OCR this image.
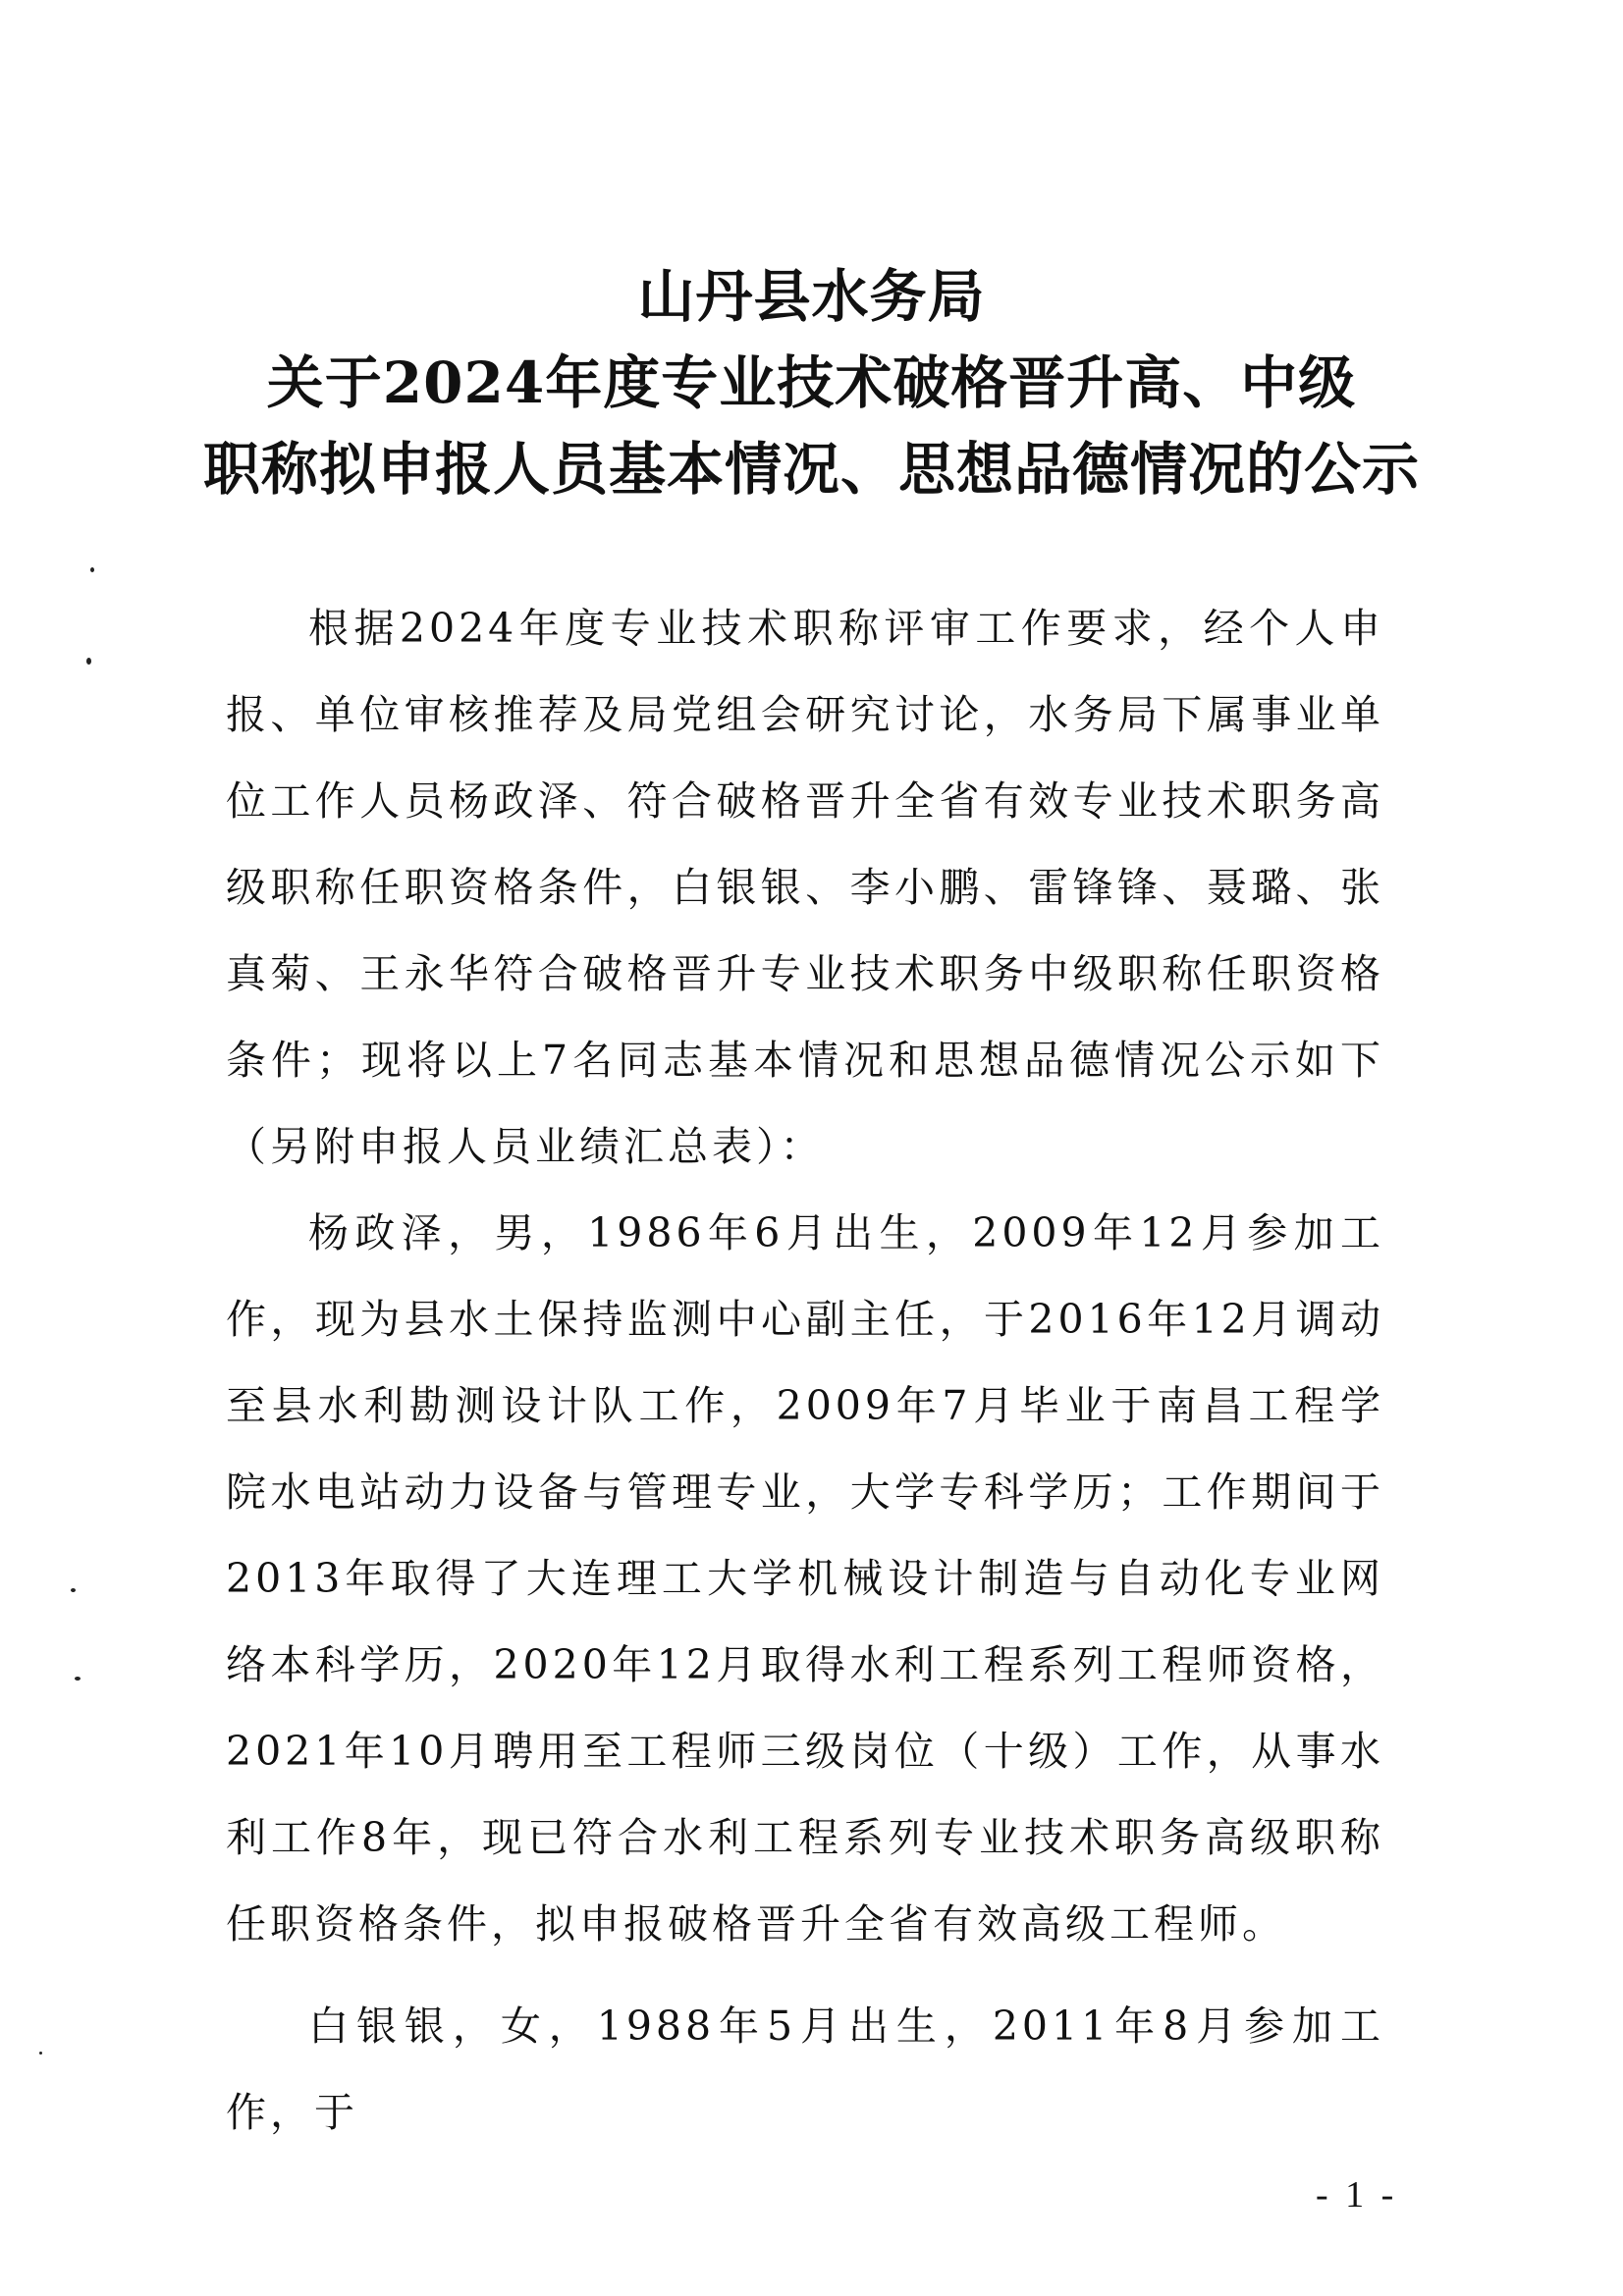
山丹县水务局
关于2024年度专业技术破格晋升高、中级
职称拟申报人员基本情况、思想品德情况的公示

根据2024年度专业技术职称评审工作要求，经个人申报、单位审核推荐及局党组会研究讨论，水务局下属事业单位工作人员杨政泽、符合破格晋升全省有效专业技术职务高级职称任职资格条件，白银银、李小鹏、雷锋锋、聂璐、张真菊、王永华符合破格晋升专业技术职务中级职称任职资格条件；现将以上7名同志基本情况和思想品德情况公示如下（另附申报人员业绩汇总表）：

杨政泽，男，1986年6月出生，2009年12月参加工作，现为县水土保持监测中心副主任，于2016年12月调动至县水利勘测设计队工作，2009年7月毕业于南昌工程学院水电站动力设备与管理专业，大学专科学历；工作期间于2013年取得了大连理工大学机械设计制造与自动化专业网络本科学历，2020年12月取得水利工程系列工程师资格，2021年10月聘用至工程师三级岗位（十级）工作，从事水利工作8年，现已符合水利工程系列专业技术职务高级职称任职资格条件，拟申报破格晋升全省有效高级工程师。

白银银，女，1988年5月出生，2011年8月参加工作，于

- 1 -
